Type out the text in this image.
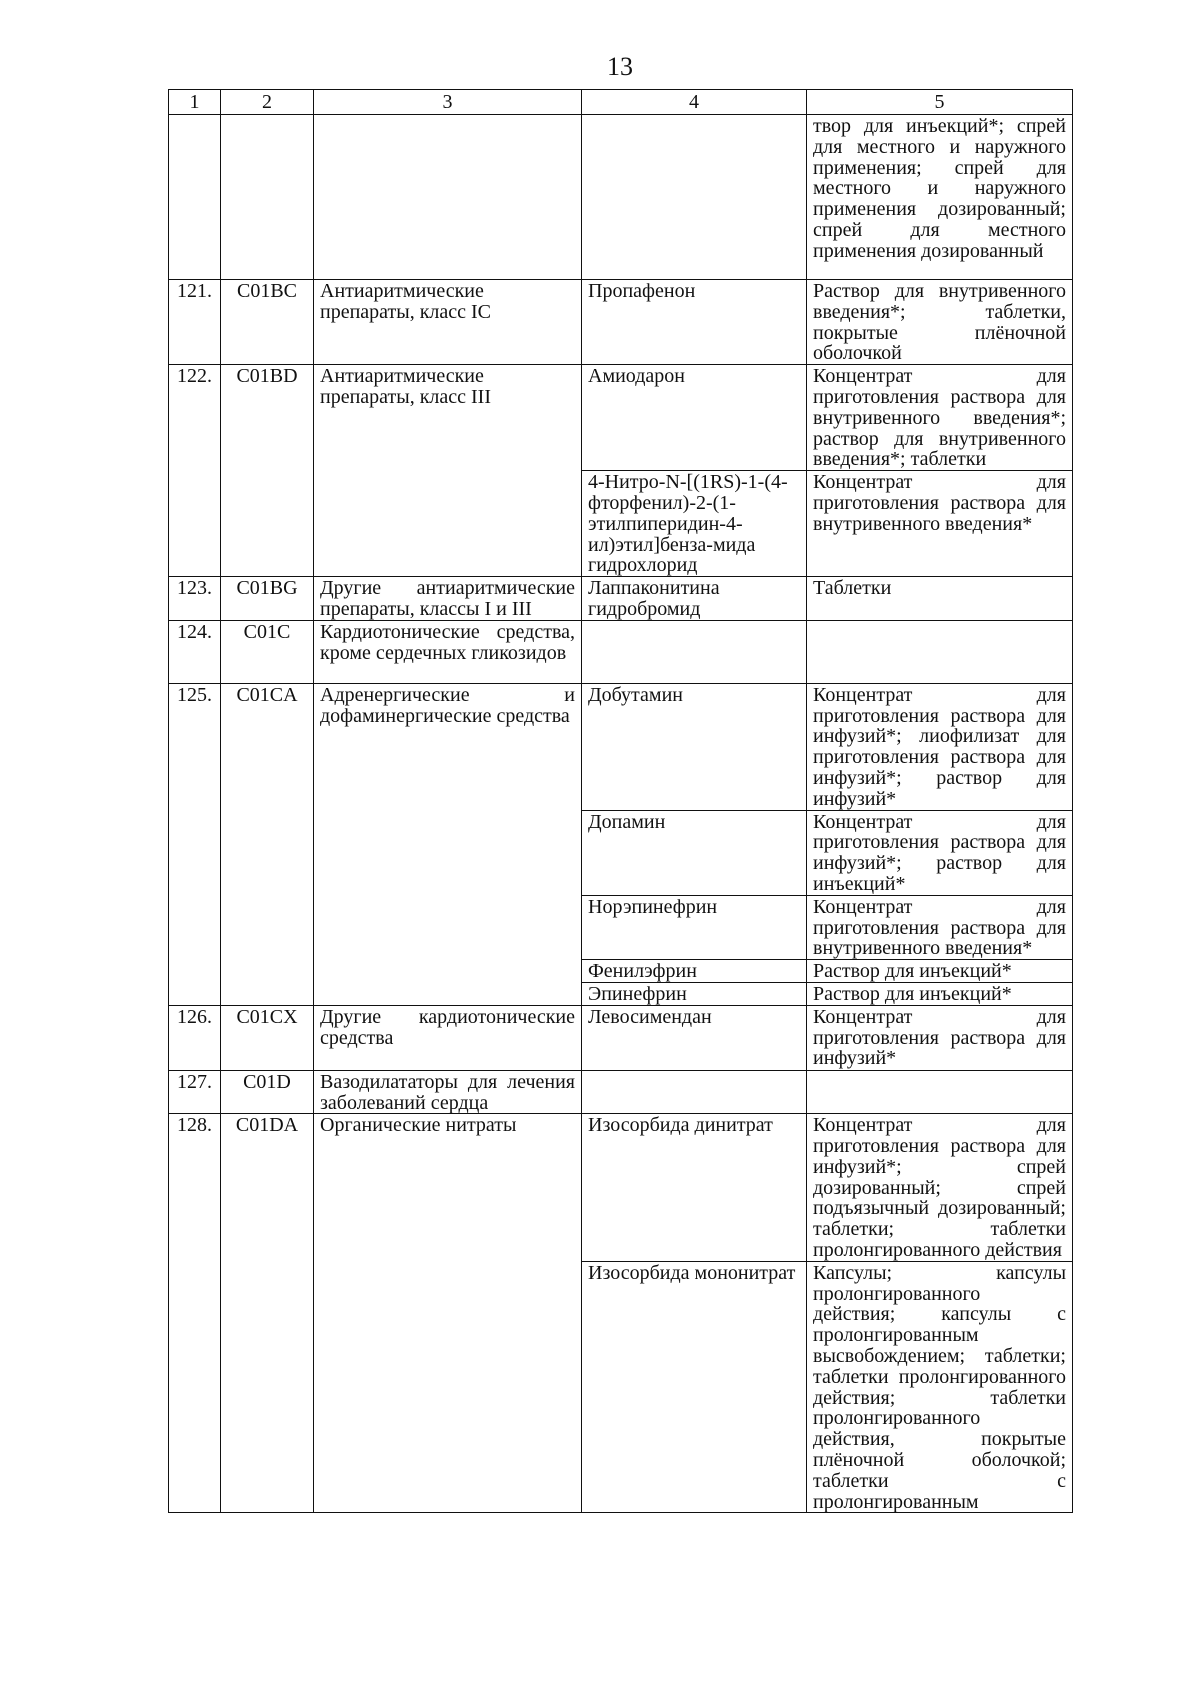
13
1	2	3	4	5
				твор для инъекций*; спрей для местного и наружного применения; спрей для местного и наружного применения дозированный; спрей для местного применения дозированный
121.	C01BC	Антиаритмические препараты, класс IC	Пропафенон	Раствор для внутривенного введения*; таблетки, покрытые плёночной оболочкой
122.	C01BD	Антиаритмические препараты, класс III	Амиодарон	Концентрат для приготовления раствора для внутривенного введения*; раствор для внутривенного введения*; таблетки
			4-Нитро-N-[(1RS)-1-(4-фторфенил)-2-(1-этилпиперидин-4-ил)этил]бенза-мида гидрохлорид	Концентрат для приготовления раствора для внутривенного введения*
123.	C01BG	Другие антиаритмические препараты, классы I и III	Лаппаконитина гидробромид	Таблетки
124.	C01C	Кардиотонические средства, кроме сердечных гликозидов		
125.	C01CA	Адренергические и дофаминергические средства	Добутамин	Концентрат для приготовления раствора для инфузий*; лиофилизат для приготовления раствора для инфузий*; раствор для инфузий*
			Допамин	Концентрат для приготовления раствора для инфузий*; раствор для инъекций*
			Норэпинефрин	Концентрат для приготовления раствора для внутривенного введения*
			Фенилэфрин	Раствор для инъекций*
			Эпинефрин	Раствор для инъекций*
126.	C01CX	Другие кардиотонические средства	Левосимендан	Концентрат для приготовления раствора для инфузий*
127.	C01D	Вазодилататоры для лечения заболеваний сердца		
128.	C01DA	Органические нитраты	Изосорбида динитрат	Концентрат для приготовления раствора для инфузий*; спрей дозированный; спрей подъязычный дозированный; таблетки; таблетки пролонгированного действия
			Изосорбида мононитрат	Капсулы; капсулы пролонгированного действия; капсулы с пролонгированным высвобождением; таблетки; таблетки пролонгированного действия; таблетки пролонгированного действия, покрытые плёночной оболочкой; таблетки с пролонгированным
